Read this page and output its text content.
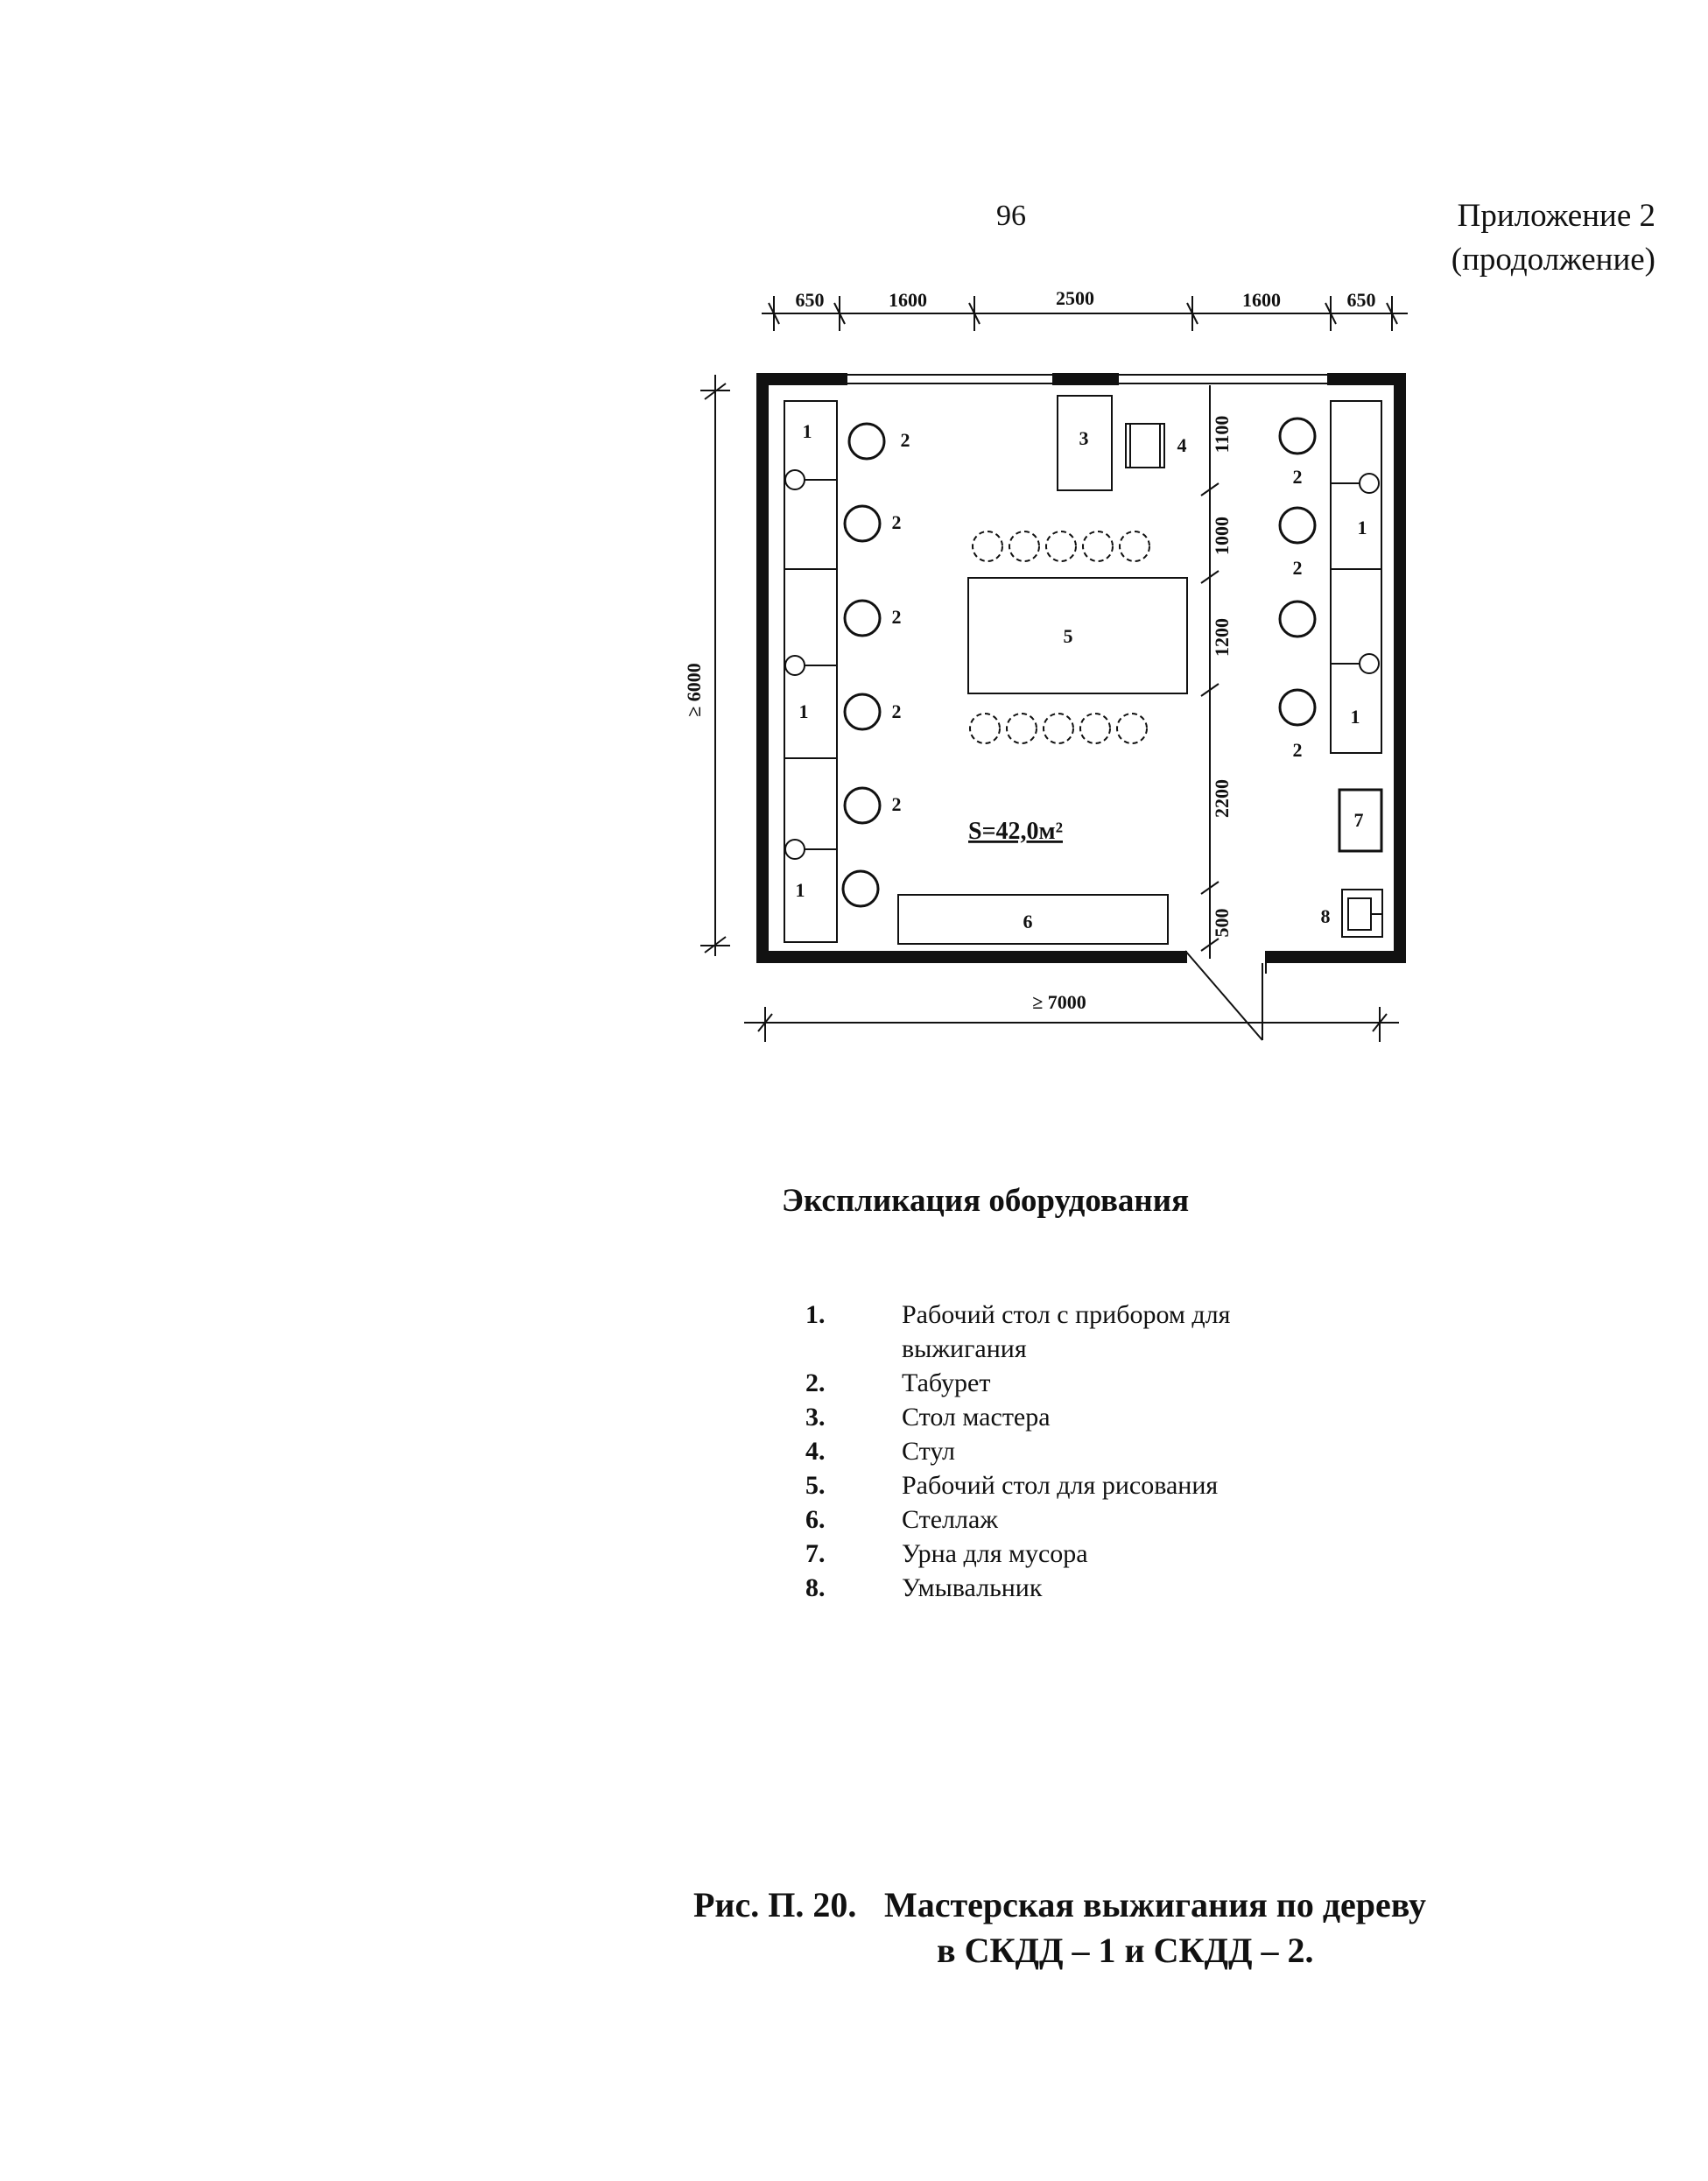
96	Приложение 2
(продолжение)
650	1600	2500	1600	650
1100
1000
1200
2200
500
≥ 6000
≥ 7000
S=42,0м²
1
1
1
1
1
2
2
2
2
2
2
2
2
3	4
5
6
7
8
Экспликация оборудования
1.	Рабочий стол с прибором для выжигания
2.	Табурет
3.	Стол мастера
4.	Стул
5.	Рабочий стол для рисования
6.	Стеллаж
7.	Урна для мусора
8.	Умывальник
Рис. П. 20. Мастерская выжигания по дереву
в СКДД – 1 и СКДД – 2.
